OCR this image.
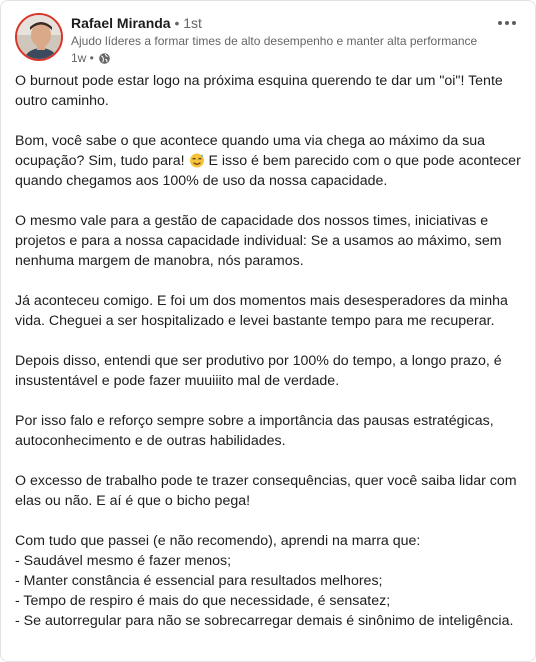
Rafael Miranda • 1st
Ajudo líderes a formar times de alto desempenho e manter alta performance
1w •

O burnout pode estar logo na próxima esquina querendo te dar um "oi"! Tente outro caminho.

Bom, você sabe o que acontece quando uma via chega ao máximo da sua ocupação? Sim, tudo para! E isso é bem parecido com o que pode acontecer quando chegamos aos 100% de uso da nossa capacidade.

O mesmo vale para a gestão de capacidade dos nossos times, iniciativas e projetos e para a nossa capacidade individual: Se a usamos ao máximo, sem nenhuma margem de manobra, nós paramos.

Já aconteceu comigo. E foi um dos momentos mais desesperadores da minha vida. Cheguei a ser hospitalizado e levei bastante tempo para me recuperar.

Depois disso, entendi que ser produtivo por 100% do tempo, a longo prazo, é insustentável e pode fazer muuiiito mal de verdade.

Por isso falo e reforço sempre sobre a importância das pausas estratégicas, autoconhecimento e de outras habilidades.

O excesso de trabalho pode te trazer consequências, quer você saiba lidar com elas ou não. E aí é que o bicho pega!

Com tudo que passei (e não recomendo), aprendi na marra que:
- Saudável mesmo é fazer menos;
- Manter constância é essencial para resultados melhores;
- Tempo de respiro é mais do que necessidade, é sensatez;
- Se autorregular para não se sobrecarregar demais é sinônimo de inteligência.
